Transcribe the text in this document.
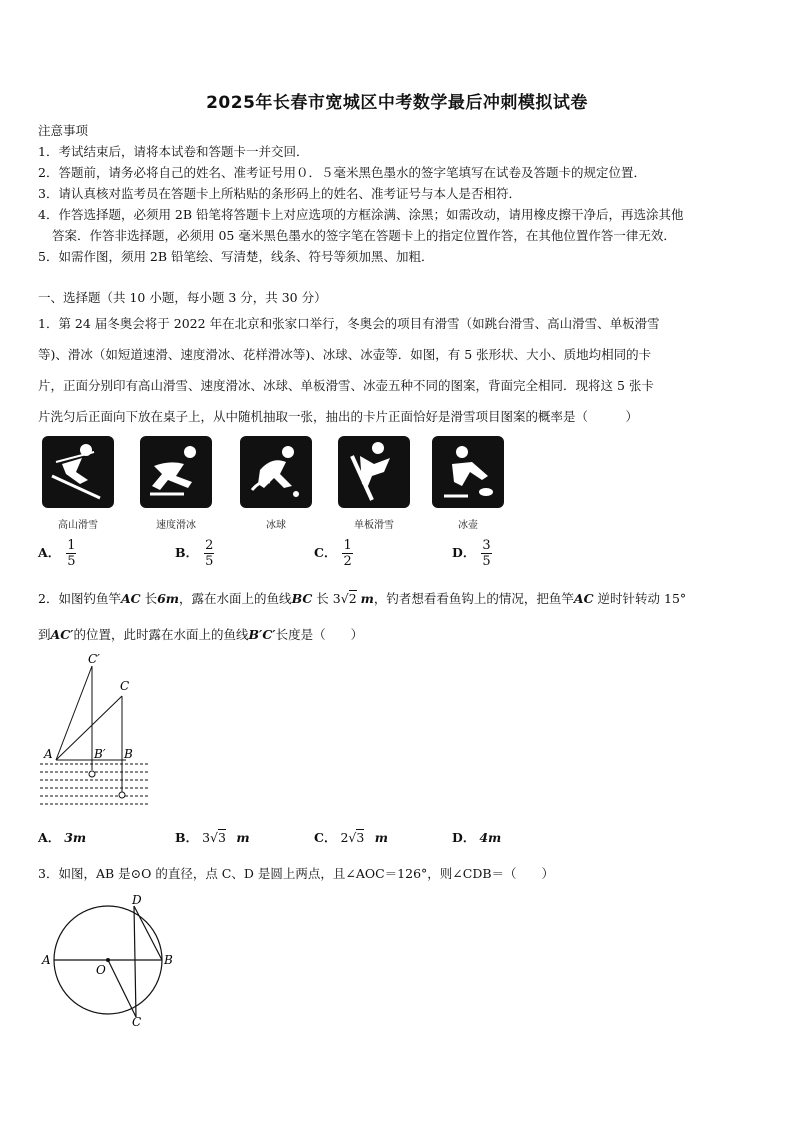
2025年长春市宽城区中考数学最后冲刺模拟试卷
注意事项
1．考试结束后，请将本试卷和答题卡一并交回．
2．答题前，请务必将自己的姓名、准考证号用０．５毫米黑色墨水的签字笔填写在试卷及答题卡的规定位置．
3．请认真核对监考员在答题卡上所粘贴的条形码上的姓名、准考证号与本人是否相符．
4．作答选择题，必须用 2B 铅笔将答题卡上对应选项的方框涂满、涂黑；如需改动，请用橡皮擦干净后，再选涂其他
答案．作答非选择题，必须用 05 毫米黑色墨水的签字笔在答题卡上的指定位置作答，在其他位置作答一律无效．
5．如需作图，须用 2B 铅笔绘、写清楚，线条、符号等须加黑、加粗．
一、选择题（共 10 小题，每小题 3 分，共 30 分）
1．第 24 届冬奥会将于 2022 年在北京和张家口举行，冬奥会的项目有滑雪（如跳台滑雪、高山滑雪、单板滑雪
等)、滑冰（如短道速滑、速度滑冰、花样滑冰等)、冰球、冰壶等．如图，有 5 张形状、大小、质地均相同的卡
片，正面分别印有高山滑雪、速度滑冰、冰球、单板滑雪、冰壶五种不同的图案，背面完全相同．现将这 5 张卡
片洗匀后正面向下放在桌子上，从中随机抽取一张，抽出的卡片正面恰好是滑雪项目图案的概率是（　　　）
高山滑雪	速度滑冰	冰球	单板滑雪	冰壶
A． $\frac{1}{5}$	B． $\frac{2}{5}$	C． $\frac{1}{2}$	D． $\frac{3}{5}$
2．如图钓鱼竿AC 长6m，露在水面上的鱼线BC 长 3√2 m，钓者想看看鱼钩上的情况，把鱼竿AC 逆时针转动 15°
到AC′的位置，此时露在水面上的鱼线B′C′长度是（　　）
C′
C
A	B′ B
A． 3m	B． 3√3 m	C． 2√3 m	D． 4m
3．如图，AB 是⊙O 的直径，点 C、D 是圆上两点，且∠AOC＝126°，则∠CDB＝（　　）
A	B
O
C
D
